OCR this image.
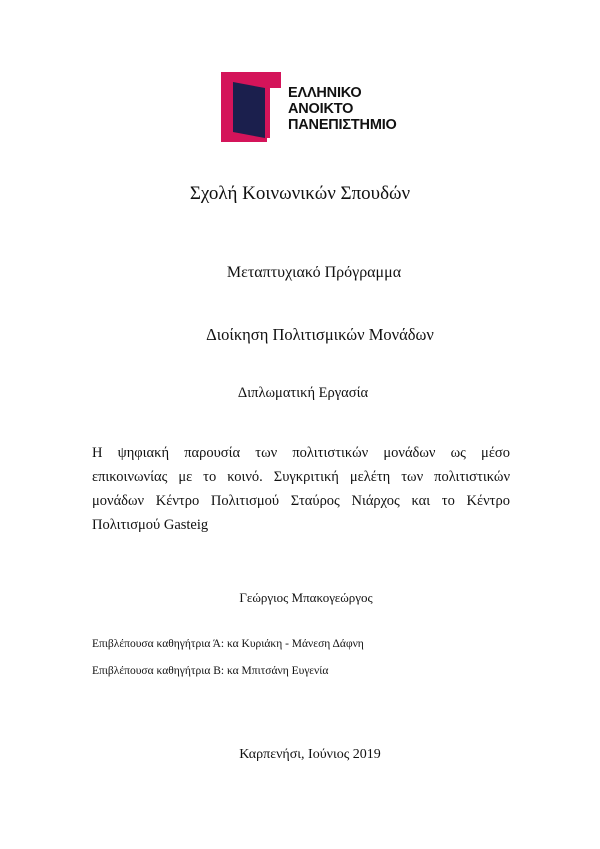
ΕΛΛΗΝΙΚΟ
ΑΝΟΙΚΤΟ
ΠΑΝΕΠΙΣΤΗΜΙΟ
Σχολή Κοινωνικών Σπουδών
Μεταπτυχιακό Πρόγραμμα
Διοίκηση Πολιτισμικών Μονάδων
Διπλωματική Εργασία
Η ψηφιακή παρουσία των πολιτιστικών μονάδων ως μέσο
επικοινωνίας με το κοινό. Συγκριτική μελέτη των πολιτιστικών
μονάδων Κέντρο Πολιτισμού Σταύρος Νιάρχος και το Κέντρο
Πολιτισμού Gasteig
Γεώργιος Μπακογεώργος
Επιβλέπουσα καθηγήτρια Ά: κα Κυριάκη - Μάνεση Δάφνη
Επιβλέπουσα καθηγήτρια Β: κα Μπιτσάνη Ευγενία
Καρπενήσι, Ιούνιος 2019
